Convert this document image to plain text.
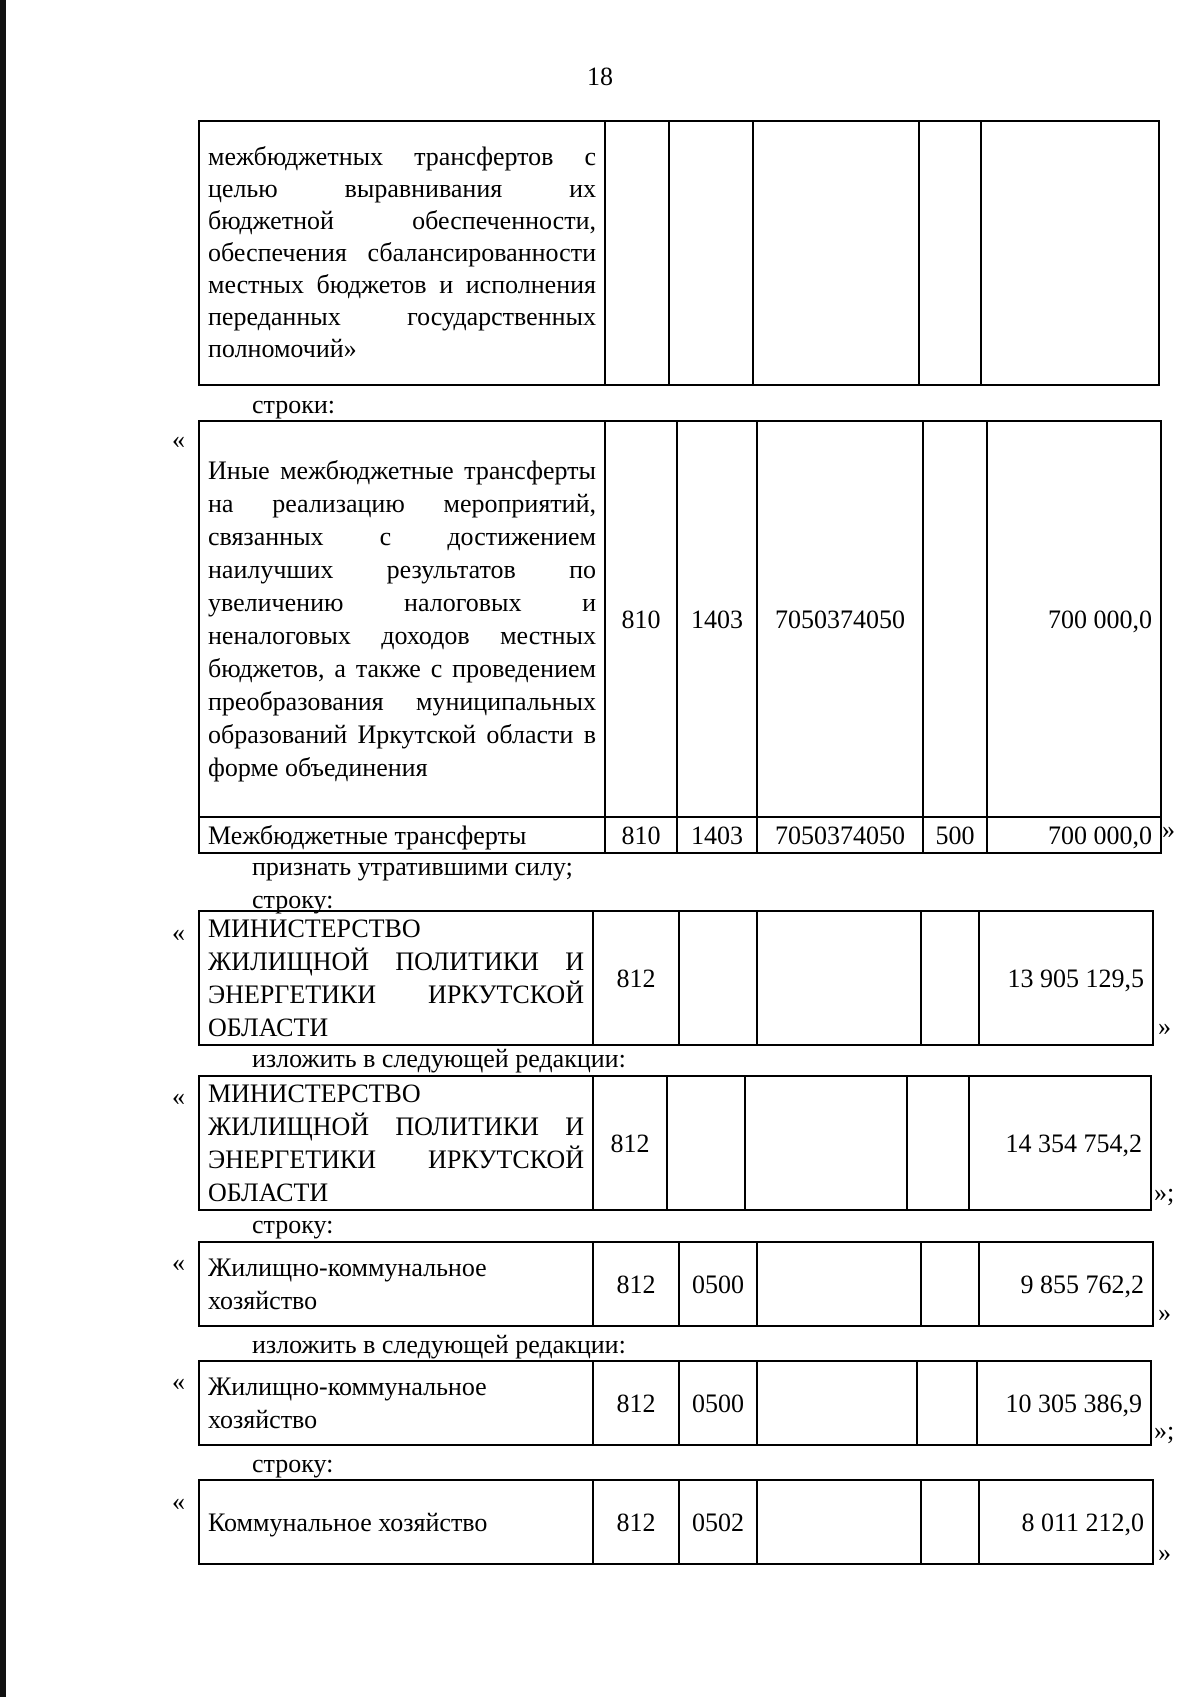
18
межбюджетных трансфертов с целью выравнивания их бюджетной обеспеченности, обеспечения сбалансированности местных бюджетов и исполнения переданных государственных полномочий»					
строки:
«
Иные межбюджетные трансферты на реализацию мероприятий, связанных с достижением наилучших результатов по увеличению налоговых и неналоговых доходов местных бюджетов, а также с проведением преобразования муниципальных образований Иркутской области в форме объединения	810	1403	7050374050		700 000,0
Межбюджетные трансферты	810	1403	7050374050	500	700 000,0 »
признать утратившими силу;
строку:
« МИНИСТЕРСТВО ЖИЛИЩНОЙ ПОЛИТИКИ И ЭНЕРГЕТИКИ ИРКУТСКОЙ ОБЛАСТИ	812				13 905 129,5
»
изложить в следующей редакции:
« МИНИСТЕРСТВО ЖИЛИЩНОЙ ПОЛИТИКИ И ЭНЕРГЕТИКИ ИРКУТСКОЙ ОБЛАСТИ	812				14 354 754,2
»;
строку:
« Жилищно-коммунальное хозяйство	812	0500			9 855 762,2
»
изложить в следующей редакции:
« Жилищно-коммунальное хозяйство	812	0500			10 305 386,9
»;
строку:
«
Коммунальное хозяйство	812	0502			8 011 212,0
»
